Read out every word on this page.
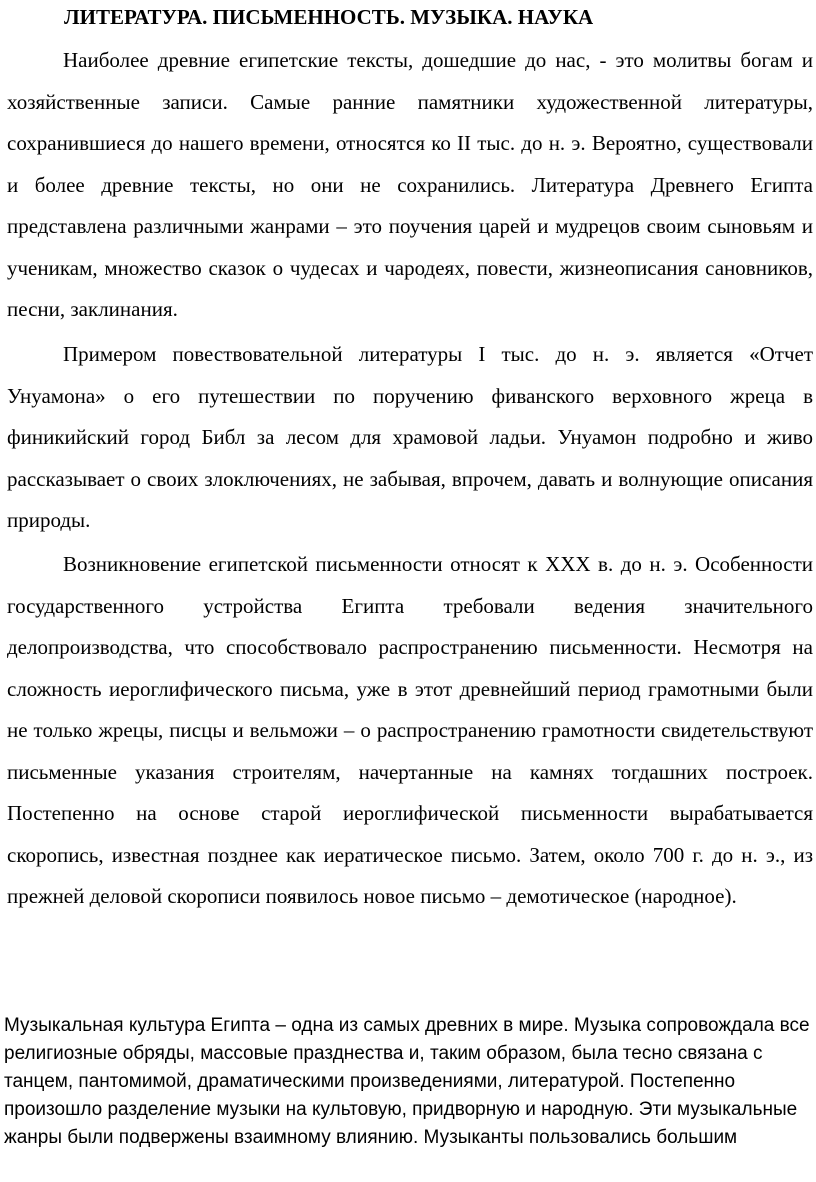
ЛИТЕРАТУРА. ПИСЬМЕННОСТЬ. МУЗЫКА. НАУКА

Наиболее древние египетские тексты, дошедшие до нас, - это молитвы богам и хозяйственные записи. Самые ранние памятники художественной литературы, сохранившиеся до нашего времени, относятся ко II тыс. до н. э. Вероятно, существовали и более древние тексты, но они не сохранились. Литература Древнего Египта представлена различными жанрами – это поучения царей и мудрецов своим сыновьям и ученикам, множество сказок о чудесах и чародеях, повести, жизнеописания сановников, песни, заклинания.

Примером повествовательной литературы I тыс. до н. э. является «Отчет Унуамона» о его путешествии по поручению фиванского верховного жреца в финикийский город Библ за лесом для храмовой ладьи. Унуамон подробно и живо рассказывает о своих злоключениях, не забывая, впрочем, давать и волнующие описания природы.

Возникновение египетской письменности относят к XXX в. до н. э. Особенности государственного устройства Египта требовали ведения значительного делопроизводства, что способствовало распространению письменности. Несмотря на сложность иероглифического письма, уже в этот древнейший период грамотными были не только жрецы, писцы и вельможи – о распространению грамотности свидетельствуют письменные указания строителям, начертанные на камнях тогдашних построек. Постепенно на основе старой иероглифической письменности вырабатывается скоропись, известная позднее как иератическое письмо. Затем, около 700 г. до н. э., из прежней деловой скорописи появилось новое письмо – демотическое (народное).

Музыкальная культура Египта – одна из самых древних в мире. Музыка сопровождала все религиозные обряды, массовые празднества и, таким образом, была тесно связана с танцем, пантомимой, драматическими произведениями, литературой. Постепенно произошло разделение музыки на культовую, придворную и народную. Эти музыкальные жанры были подвержены взаимному влиянию. Музыканты пользовались большим
